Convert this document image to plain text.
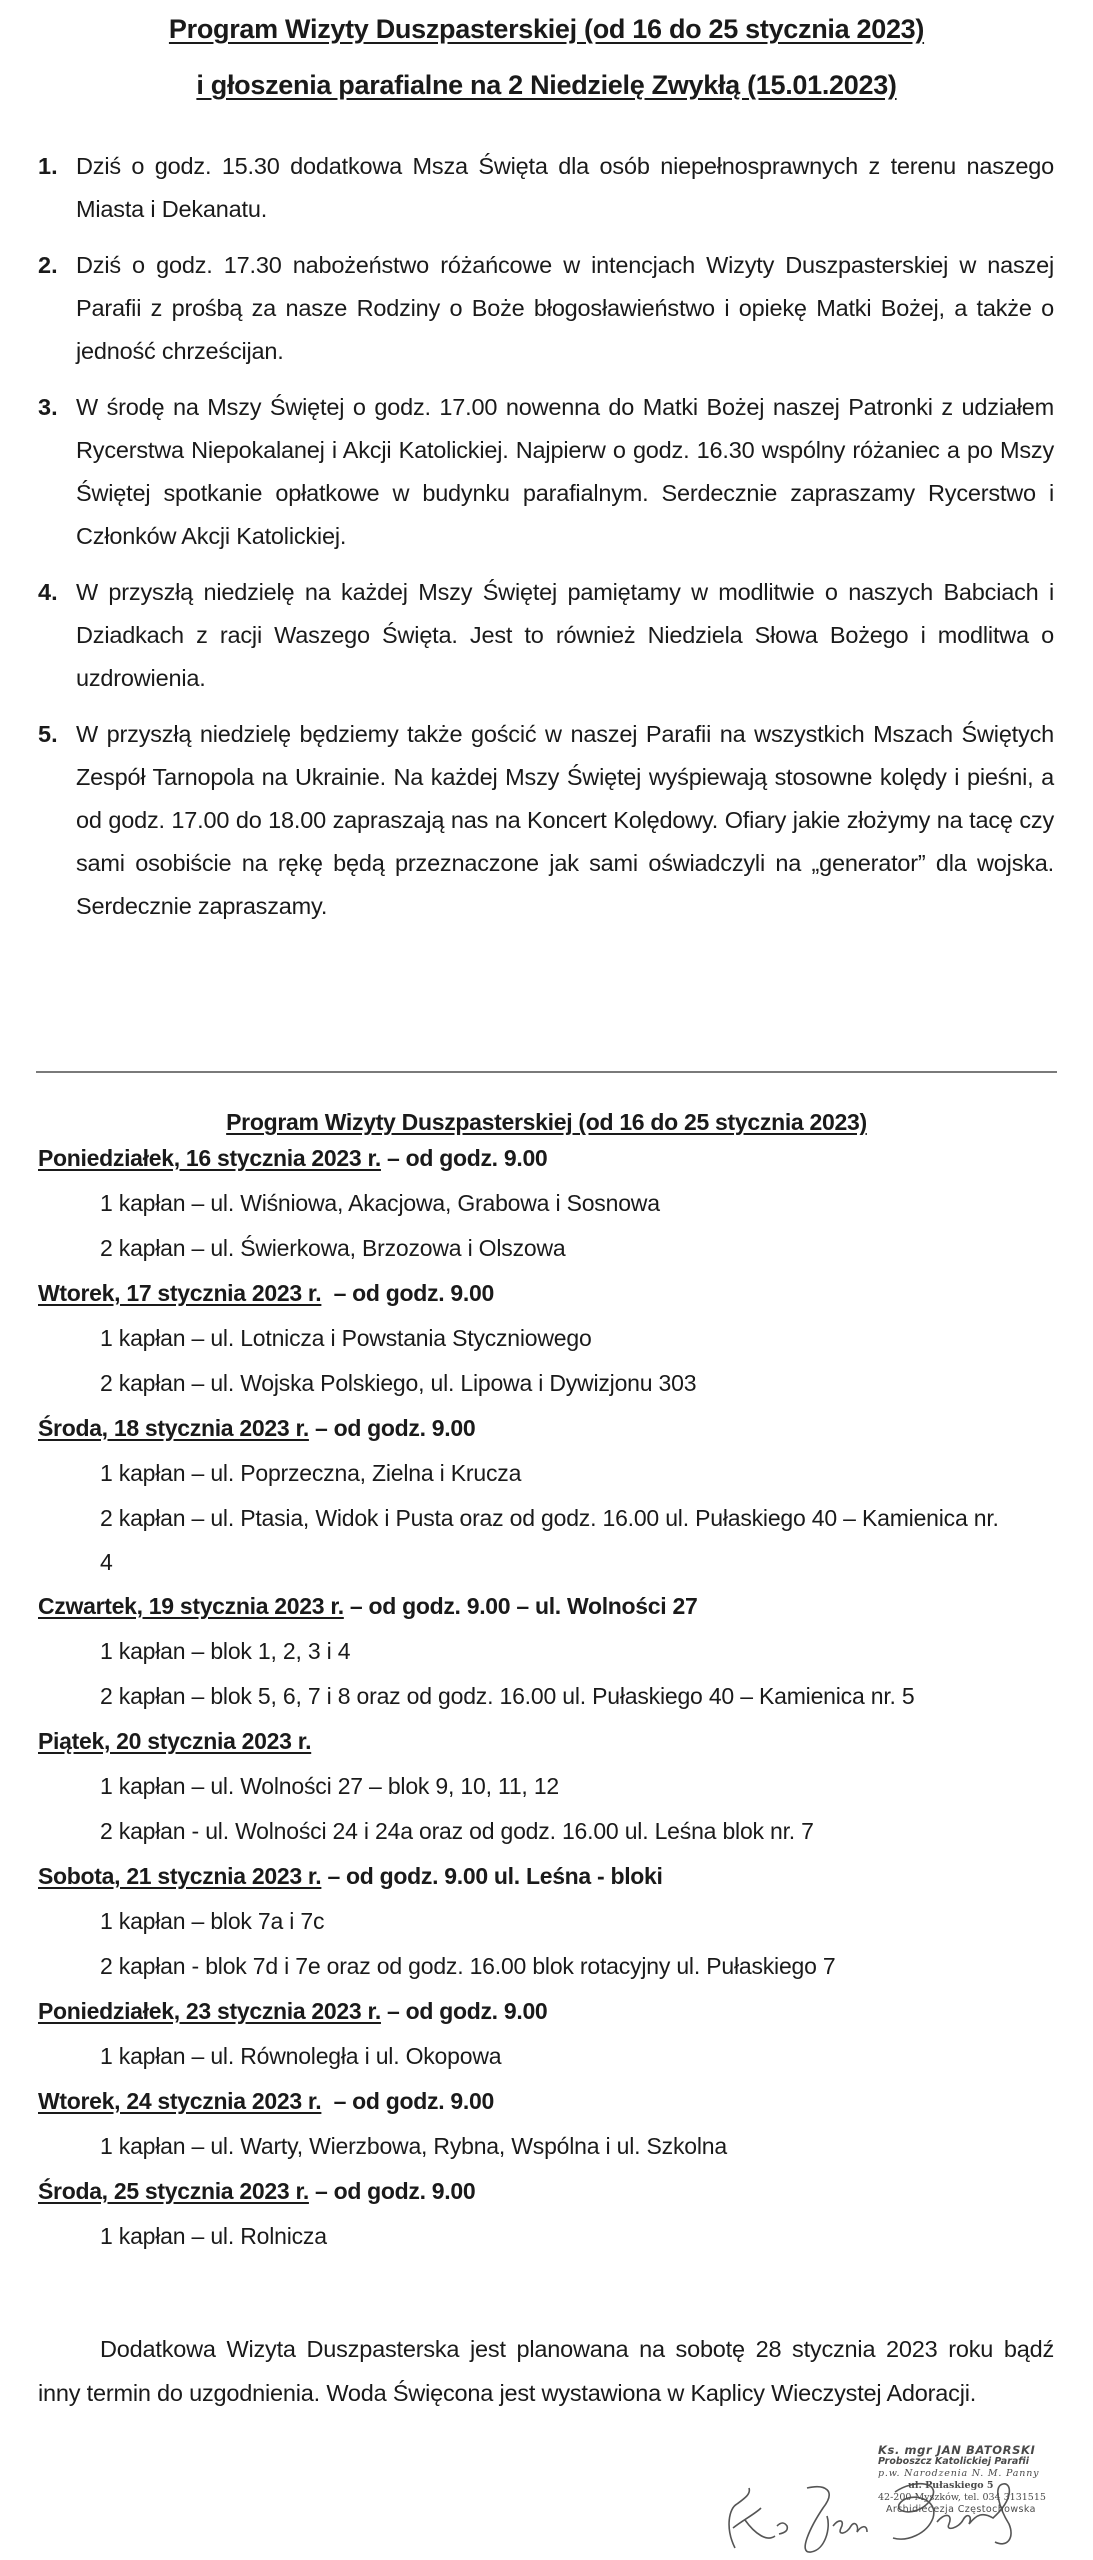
Program Wizyty Duszpasterskiej (od 16 do 25 stycznia 2023)
i głoszenia parafialne na 2 Niedzielę Zwykłą (15.01.2023)
1. Dziś o godz. 15.30 dodatkowa Msza Święta dla osób niepełnosprawnych z terenu naszego Miasta i Dekanatu.
2. Dziś o godz. 17.30 nabożeństwo różańcowe w intencjach Wizyty Duszpasterskiej w naszej Parafii z prośbą za nasze Rodziny o Boże błogosławieństwo i opiekę Matki Bożej, a także o jedność chrześcijan.
3. W środę na Mszy Świętej o godz. 17.00 nowenna do Matki Bożej naszej Patronki z udziałem Rycerstwa Niepokalanej i Akcji Katolickiej. Najpierw o godz. 16.30 wspólny różaniec a po Mszy Świętej spotkanie opłatkowe w budynku parafialnym. Serdecznie zapraszamy Rycerstwo i Członków Akcji Katolickiej.
4. W przyszłą niedzielę na każdej Mszy Świętej pamiętamy w modlitwie o naszych Babciach i Dziadkach z racji Waszego Święta. Jest to również Niedziela Słowa Bożego i modlitwa o uzdrowienia.
5. W przyszłą niedzielę będziemy także gościć w naszej Parafii na wszystkich Mszach Świętych Zespół Tarnopola na Ukrainie. Na każdej Mszy Świętej wyśpiewają stosowne kolędy i pieśni, a od godz. 17.00 do 18.00 zapraszają nas na Koncert Kolędowy. Ofiary jakie złożymy na tacę czy sami osobiście na rękę będą przeznaczone jak sami oświadczyli na „generator” dla wojska. Serdecznie zapraszamy.
Program Wizyty Duszpasterskiej (od 16 do 25 stycznia 2023)
Poniedziałek, 16 stycznia 2023 r. – od godz. 9.00
1 kapłan – ul. Wiśniowa, Akacjowa, Grabowa i Sosnowa
2 kapłan – ul. Świerkowa, Brzozowa i Olszowa
Wtorek, 17 stycznia 2023 r.  – od godz. 9.00
1 kapłan – ul. Lotnicza i Powstania Styczniowego
2 kapłan – ul. Wojska Polskiego, ul. Lipowa i Dywizjonu 303
Środa, 18 stycznia 2023 r. – od godz. 9.00
1 kapłan – ul. Poprzeczna, Zielna i Krucza
2 kapłan – ul. Ptasia, Widok i Pusta oraz od godz. 16.00 ul. Pułaskiego 40 – Kamienica nr. 4
Czwartek, 19 stycznia 2023 r. – od godz. 9.00 – ul. Wolności 27
1 kapłan – blok 1, 2, 3 i 4
2 kapłan – blok 5, 6, 7 i 8 oraz od godz. 16.00 ul. Pułaskiego 40 – Kamienica nr. 5
Piątek, 20 stycznia 2023 r.
1 kapłan – ul. Wolności 27 – blok 9, 10, 11, 12
2 kapłan - ul. Wolności 24 i 24a oraz od godz. 16.00 ul. Leśna blok nr. 7
Sobota, 21 stycznia 2023 r. – od godz. 9.00 ul. Leśna - bloki
1 kapłan – blok 7a i 7c
2 kapłan - blok 7d i 7e oraz od godz. 16.00 blok rotacyjny ul. Pułaskiego 7
Poniedziałek, 23 stycznia 2023 r. – od godz. 9.00
1 kapłan – ul. Równoległa i ul. Okopowa
Wtorek, 24 stycznia 2023 r.  – od godz. 9.00
1 kapłan – ul. Warty, Wierzbowa, Rybna, Wspólna i ul. Szkolna
Środa, 25 stycznia 2023 r. – od godz. 9.00
1 kapłan – ul. Rolnicza

Dodatkowa Wizyta Duszpasterska jest planowana na sobotę 28 stycznia 2023 roku bądź inny termin do uzgodnienia. Woda Święcona jest wystawiona w Kaplicy Wieczystej Adoracji.

Ks. mgr JAN BATORSKI
Proboszcz Katolickiej Parafii
p.w. Narodzenia N. M. Panny
ul. Pułaskiego 5
42-200 Myszków, tel. 034 3131515
Archidiecezja Częstochowska
